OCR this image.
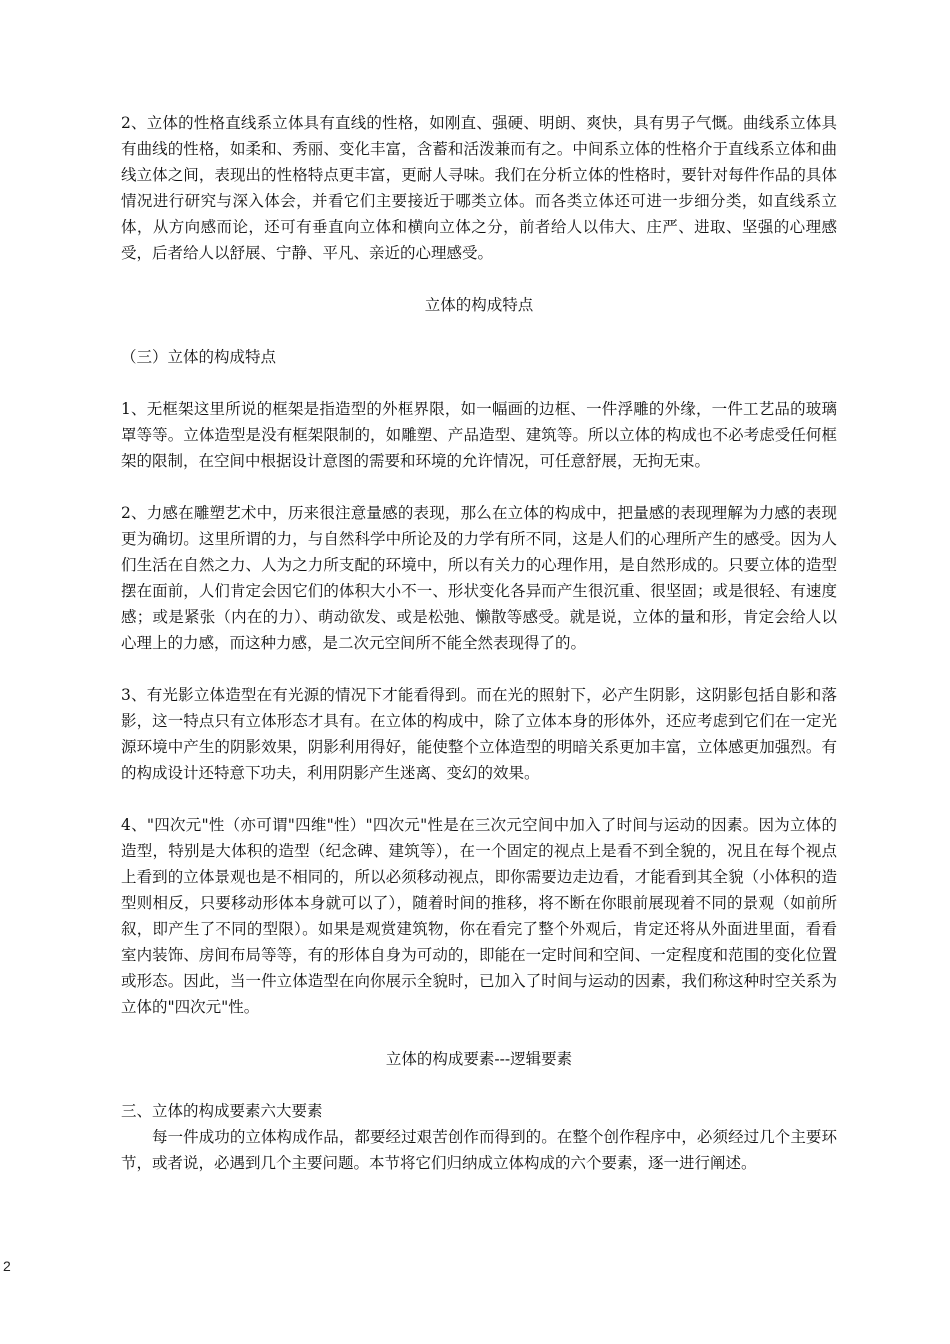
2、立体的性格直线系立体具有直线的性格，如刚直、强硬、明朗、爽快，具有男子气慨。曲线系立体具有曲线的性格，如柔和、秀丽、变化丰富，含蓄和活泼兼而有之。中间系立体的性格介于直线系立体和曲线立体之间，表现出的性格特点更丰富，更耐人寻味。我们在分析立体的性格时，要针对每件作品的具体情况进行研究与深入体会，并看它们主要接近于哪类立体。而各类立体还可进一步细分类，如直线系立体，从方向感而论，还可有垂直向立体和横向立体之分，前者给人以伟大、庄严、进取、坚强的心理感受，后者给人以舒展、宁静、平凡、亲近的心理感受。

立体的构成特点

（三）立体的构成特点

1、无框架这里所说的框架是指造型的外框界限，如一幅画的边框、一件浮雕的外缘，一件工艺品的玻璃罩等等。立体造型是没有框架限制的，如雕塑、产品造型、建筑等。所以立体的构成也不必考虑受任何框架的限制，在空间中根据设计意图的需要和环境的允许情况，可任意舒展，无拘无束。

2、力感在雕塑艺术中，历来很注意量感的表现，那么在立体的构成中，把量感的表现理解为力感的表现更为确切。这里所谓的力，与自然科学中所论及的力学有所不同，这是人们的心理所产生的感受。因为人们生活在自然之力、人为之力所支配的环境中，所以有关力的心理作用，是自然形成的。只要立体的造型摆在面前，人们肯定会因它们的体积大小不一、形状变化各异而产生很沉重、很坚固；或是很轻、有速度感；或是紧张（内在的力）、萌动欲发、或是松弛、懒散等感受。就是说，立体的量和形，肯定会给人以心理上的力感，而这种力感，是二次元空间所不能全然表现得了的。

3、有光影立体造型在有光源的情况下才能看得到。而在光的照射下，必产生阴影，这阴影包括自影和落影，这一特点只有立体形态才具有。在立体的构成中，除了立体本身的形体外，还应考虑到它们在一定光源环境中产生的阴影效果，阴影利用得好，能使整个立体造型的明暗关系更加丰富，立体感更加强烈。有的构成设计还特意下功夫，利用阴影产生迷离、变幻的效果。

4、"四次元"性（亦可谓"四维"性）"四次元"性是在三次元空间中加入了时间与运动的因素。因为立体的造型，特别是大体积的造型（纪念碑、建筑等），在一个固定的视点上是看不到全貌的，况且在每个视点上看到的立体景观也是不相同的，所以必须移动视点，即你需要边走边看，才能看到其全貌（小体积的造型则相反，只要移动形体本身就可以了），随着时间的推移，将不断在你眼前展现着不同的景观（如前所叙，即产生了不同的型限）。如果是观赏建筑物，你在看完了整个外观后，肯定还将从外面进里面，看看室内装饰、房间布局等等，有的形体自身为可动的，即能在一定时间和空间、一定程度和范围的变化位置或形态。因此，当一件立体造型在向你展示全貌时，已加入了时间与运动的因素，我们称这种时空关系为立体的"四次元"性。

立体的构成要素---逻辑要素

三、立体的构成要素六大要素

每一件成功的立体构成作品，都要经过艰苦创作而得到的。在整个创作程序中，必须经过几个主要环节，或者说，必遇到几个主要问题。本节将它们归纳成立体构成的六个要素，逐一进行阐述。

2
